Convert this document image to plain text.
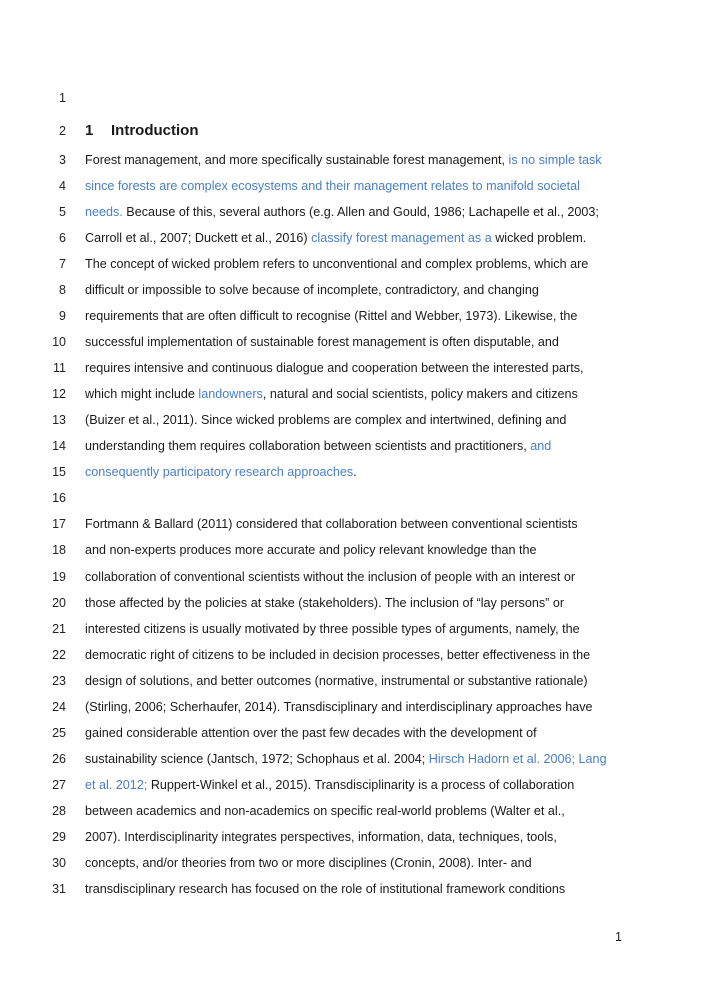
1
2
3
4
5
6
7
8
9
10
11
12
13
14
15
16
17
18
19
20
21
22
23
24
25
26
27
28
29
30
31
1 Introduction
Forest management, and more specifically sustainable forest management, is no simple task
since forests are complex ecosystems and their management relates to manifold societal
needs. Because of this, several authors (e.g. Allen and Gould, 1986; Lachapelle et al., 2003;
Carroll et al., 2007; Duckett et al., 2016) classify forest management as a wicked problem.
The concept of wicked problem refers to unconventional and complex problems, which are
difficult or impossible to solve because of incomplete, contradictory, and changing
requirements that are often difficult to recognise (Rittel and Webber, 1973). Likewise, the
successful implementation of sustainable forest management is often disputable, and
requires intensive and continuous dialogue and cooperation between the interested parts,
which might include landowners, natural and social scientists, policy makers and citizens
(Buizer et al., 2011). Since wicked problems are complex and intertwined, defining and
understanding them requires collaboration between scientists and practitioners, and
consequently participatory research approaches.
Fortmann & Ballard (2011) considered that collaboration between conventional scientists
and non-experts produces more accurate and policy relevant knowledge than the
collaboration of conventional scientists without the inclusion of people with an interest or
those affected by the policies at stake (stakeholders). The inclusion of “lay persons” or
interested citizens is usually motivated by three possible types of arguments, namely, the
democratic right of citizens to be included in decision processes, better effectiveness in the
design of solutions, and better outcomes (normative, instrumental or substantive rationale)
(Stirling, 2006; Scherhaufer, 2014). Transdisciplinary and interdisciplinary approaches have
gained considerable attention over the past few decades with the development of
sustainability science (Jantsch, 1972; Schophaus et al. 2004; Hirsch Hadorn et al. 2006; Lang
et al. 2012; Ruppert-Winkel et al., 2015). Transdisciplinarity is a process of collaboration
between academics and non-academics on specific real-world problems (Walter et al.,
2007). Interdisciplinarity integrates perspectives, information, data, techniques, tools,
concepts, and/or theories from two or more disciplines (Cronin, 2008). Inter- and
transdisciplinary research has focused on the role of institutional framework conditions
1
